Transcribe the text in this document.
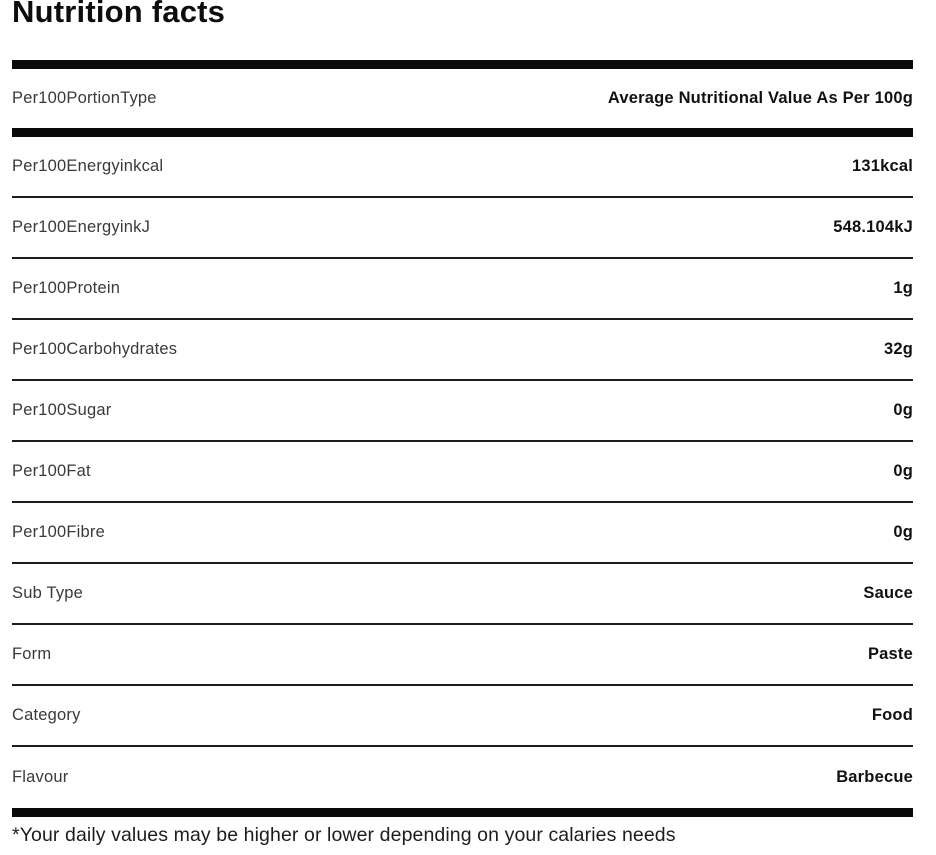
Nutrition facts
Per100PortionType	Average Nutritional Value As Per 100g
Per100Energyinkcal	131kcal
Per100EnergyinkJ	548.104kJ
Per100Protein	1g
Per100Carbohydrates	32g
Per100Sugar	0g
Per100Fat	0g
Per100Fibre	0g
Sub Type	Sauce
Form	Paste
Category	Food
Flavour	Barbecue

*Your daily values may be higher or lower depending on your calaries needs
